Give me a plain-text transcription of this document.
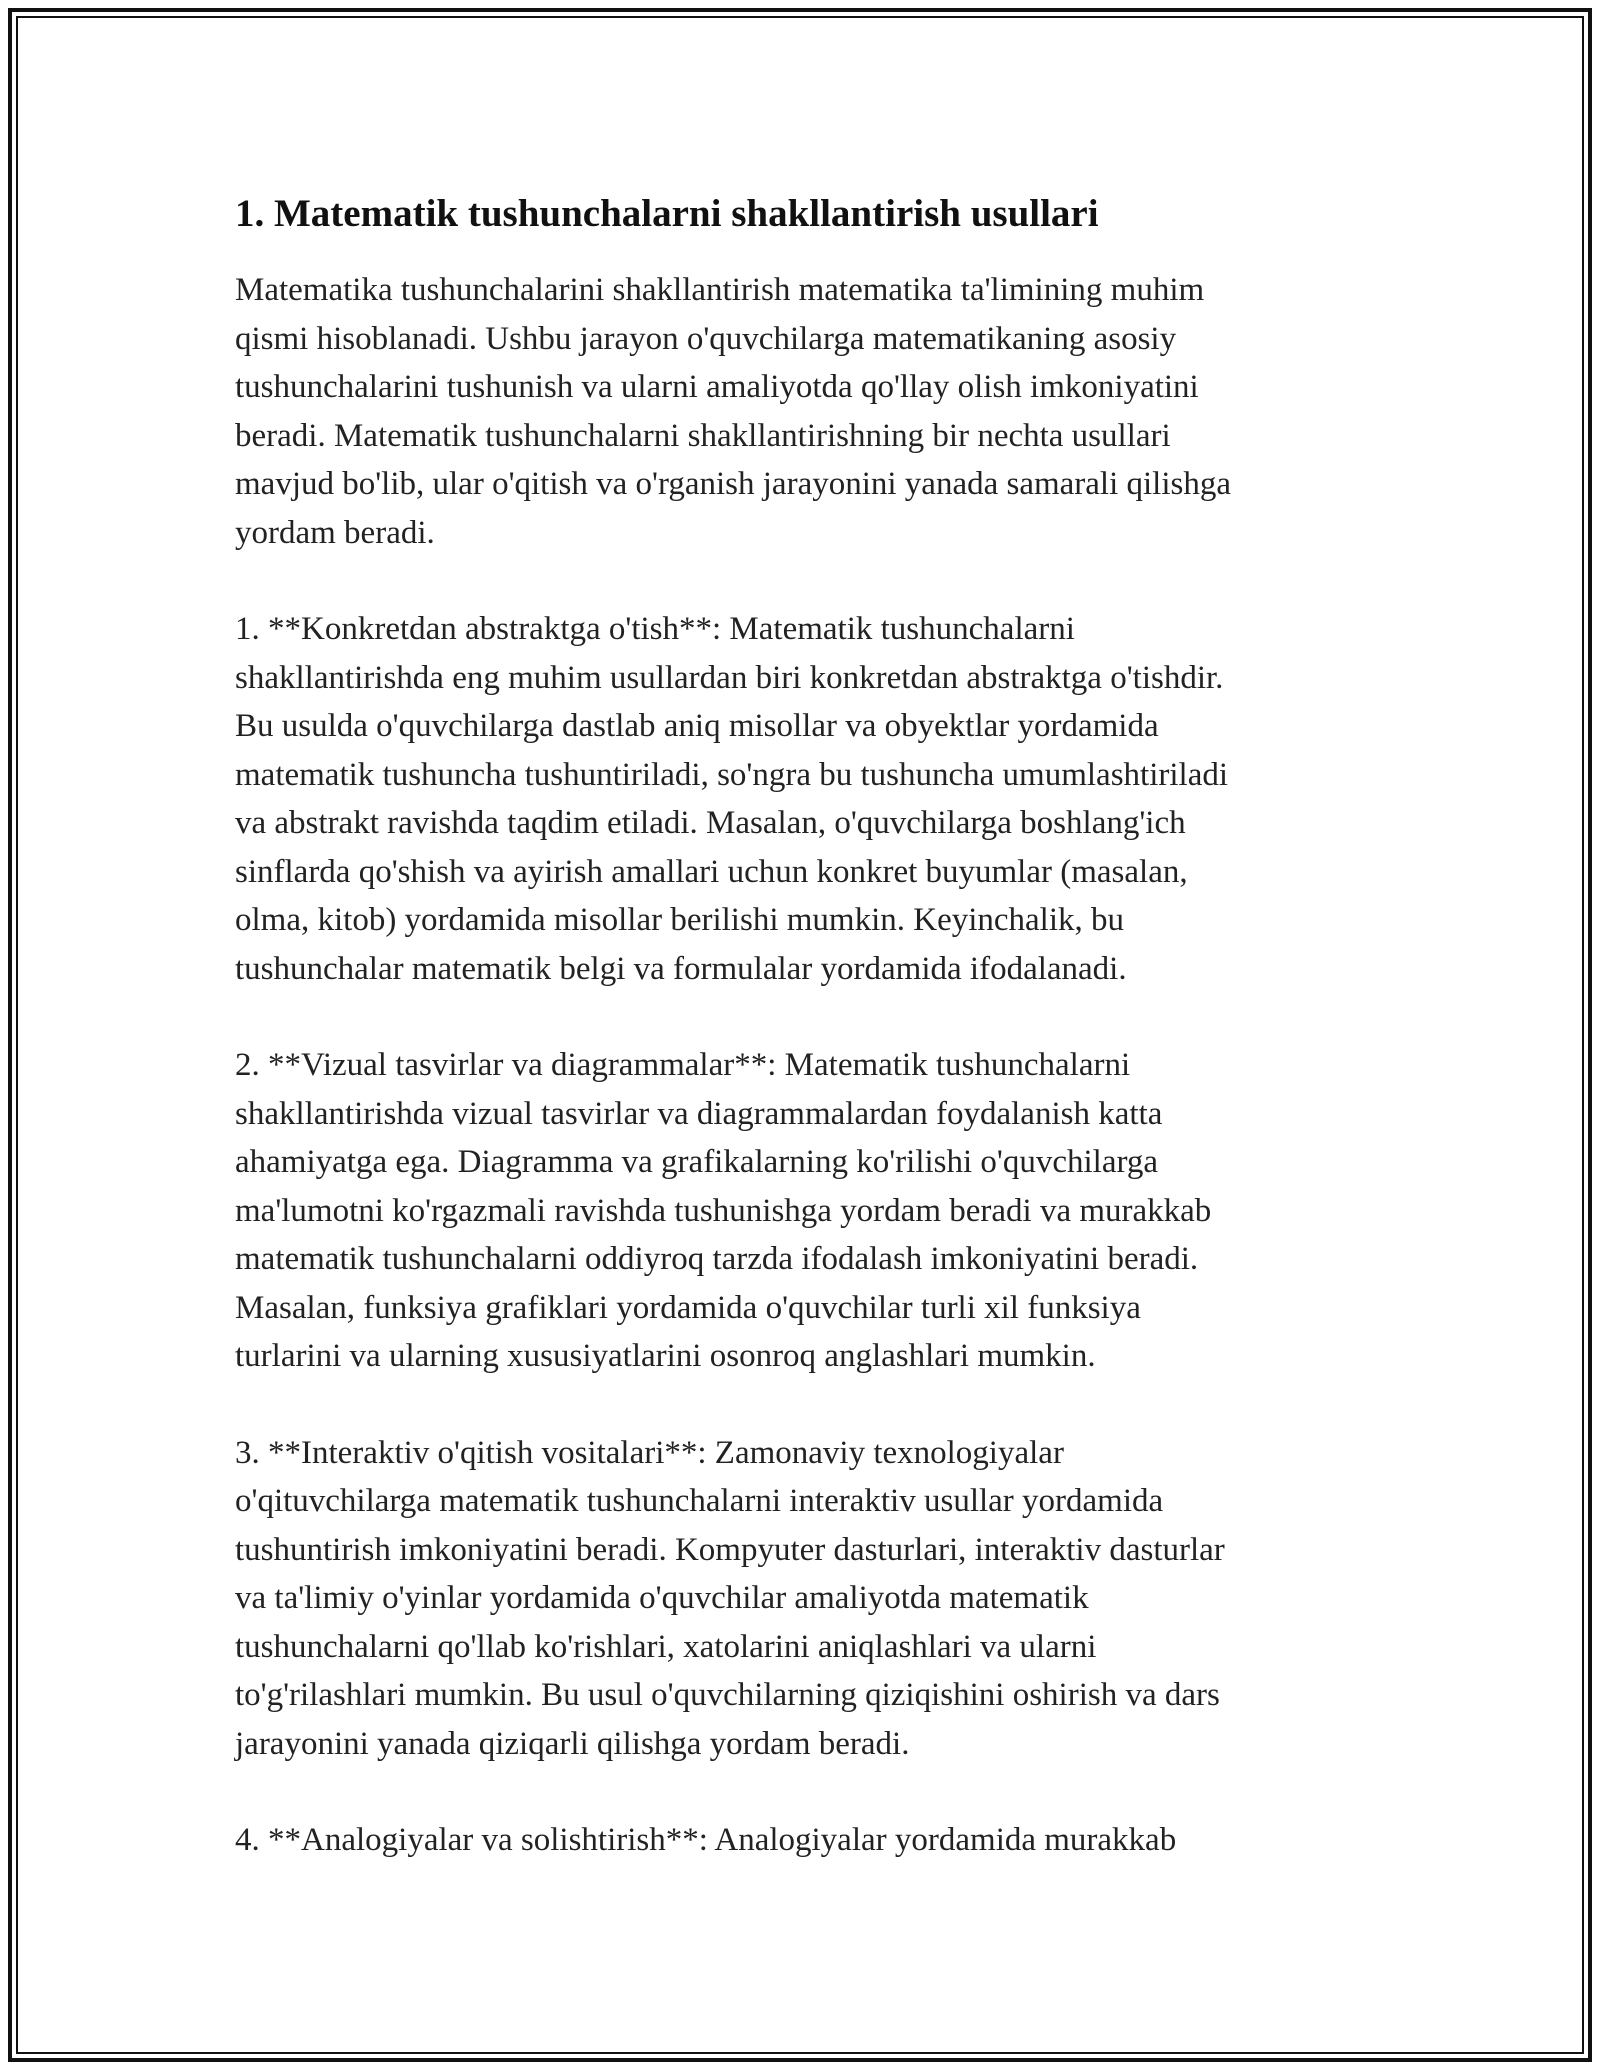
1. Matematik tushunchalarni shakllantirish usullari

Matematika tushunchalarini shakllantirish matematika ta'limining muhim
qismi hisoblanadi. Ushbu jarayon o'quvchilarga matematikaning asosiy
tushunchalarini tushunish va ularni amaliyotda qo'llay olish imkoniyatini
beradi. Matematik tushunchalarni shakllantirishning bir nechta usullari
mavjud bo'lib, ular o'qitish va o'rganish jarayonini yanada samarali qilishga
yordam beradi.

1. **Konkretdan abstraktga o'tish**: Matematik tushunchalarni
shakllantirishda eng muhim usullardan biri konkretdan abstraktga o'tishdir.
Bu usulda o'quvchilarga dastlab aniq misollar va obyektlar yordamida
matematik tushuncha tushuntiriladi, so'ngra bu tushuncha umumlashtiriladi
va abstrakt ravishda taqdim etiladi. Masalan, o'quvchilarga boshlang'ich
sinflarda qo'shish va ayirish amallari uchun konkret buyumlar (masalan,
olma, kitob) yordamida misollar berilishi mumkin. Keyinchalik, bu
tushunchalar matematik belgi va formulalar yordamida ifodalanadi.

2. **Vizual tasvirlar va diagrammalar**: Matematik tushunchalarni
shakllantirishda vizual tasvirlar va diagrammalardan foydalanish katta
ahamiyatga ega. Diagramma va grafikalarning ko'rilishi o'quvchilarga
ma'lumotni ko'rgazmali ravishda tushunishga yordam beradi va murakkab
matematik tushunchalarni oddiyroq tarzda ifodalash imkoniyatini beradi.
Masalan, funksiya grafiklari yordamida o'quvchilar turli xil funksiya
turlarini va ularning xususiyatlarini osonroq anglashlari mumkin.

3. **Interaktiv o'qitish vositalari**: Zamonaviy texnologiyalar
o'qituvchilarga matematik tushunchalarni interaktiv usullar yordamida
tushuntirish imkoniyatini beradi. Kompyuter dasturlari, interaktiv dasturlar
va ta'limiy o'yinlar yordamida o'quvchilar amaliyotda matematik
tushunchalarni qo'llab ko'rishlari, xatolarini aniqlashlari va ularni
to'g'rilashlari mumkin. Bu usul o'quvchilarning qiziqishini oshirish va dars
jarayonini yanada qiziqarli qilishga yordam beradi.

4. **Analogiyalar va solishtirish**: Analogiyalar yordamida murakkab
